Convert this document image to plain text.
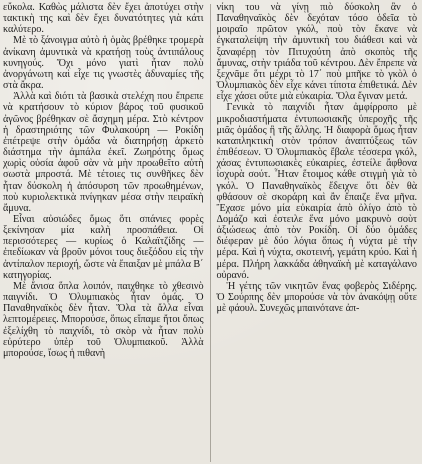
εὔκολα. Καθὼς μάλιστα δὲν ἔχει ἀποτύχει στὴν τακτικὴ της καὶ δὲν ἔχει δυνατότητες γιὰ κάτι καλύτερο.

Μὲ τὸ ξάνοιγμα αὐτὸ ἡ ὁμὰς βρέθηκε τρομερὰ ἀνίκανη ἀμυντικὰ νὰ κρατήσῃ τοὺς ἀντιπάλους κυνηγούς. Ὄχι μόνο γιατὶ ἦταν πολὺ ἀνοργάνωτη καὶ εἶχε τις γνωστὲς ἀδυναμίες τῆς στὰ ἄκρα.

Ἀλλὰ καὶ διότι τὰ βασικὰ στελέχη που ἔπρεπε νὰ κρατήσουν τὸ κύριον βάρος τοῦ φυσικοῦ ἀγῶνος βρέθηκαν σὲ ἄσχημη μέρα. Στὸ κέντρον ἡ δραστηριότης τῶν Φυλακούρη — Ροκίδη ἐπέτρεψε στὴν ὁμάδα νὰ διατηρήσῃ ἀρκετὸ διάστημα τὴν ἀμπάλα ἐκεῖ. Ζωηρότης ὅμως χωρὶς οὐσία ἀφοῦ σὰν νὰ μὴν προωθεῖτο αὐτὴ σωστὰ μπροστά. Μὲ τέτοιες τις συνθῆκες δὲν ἦταν δύσκολη ἡ ἀπόσυρση τῶν προωθημένων, ποὺ κυριολεκτικὰ πνίγηκαν μέσα στὴν πειραϊκὴ ἄμυνα.

Εἶναι αὐσιώδες ὅμως ὅτι σπάνιες φορὲς ξεκίνησαν μία καλὴ προσπάθεια. Οἱ περισσότερες — κυρίως ὁ Καλαϊτζίδης — ἐπεδίωκαν νὰ βροῦν μόνοι τους διεξόδου εἰς τὴν ἀντίπαλον περιοχή, ὥστε νὰ ἔπαιξαν μὲ μπάλα Β΄ κατηγορίας.

Μὲ ἄνισα ὅπλα λοιπόν, παιχθηκε τὸ χθεσινὸ παιγνίδι. Ὁ Ὀλυμπιακὸς ἦταν ὁμάς. Ὁ Παναθηναϊκὸς δὲν ἦταν. Ὅλα τὰ ἄλλα εἶναι λεπτομέρειες. Μπορούσε, ὅπως εἴπαμε ἤτοι ὅπως ἐξελίχθη τὸ παιχνίδι, τὸ σκὸρ νὰ ἦταν πολὺ εὐρύτερο ὑπὲρ τοῦ Ὀλυμπιακοῦ. Ἀλλὰ μπορούσε, ἴσως ἡ πιθανὴ

νίκη του νὰ γίνῃ πιὸ δύσκολη ἂν ὁ Παναθηναϊκὸς δὲν δεχόταν τόσο ὁδεῖα τὸ μοιραῖο πρῶτον γκόλ, ποὺ τὸν ἔκανε νὰ ἐγκαταλείψη τὴν ἀμυντικὴ του διάθεσι καὶ νὰ ξαναφέρῃ τὸν Πιτυχούτη ἀπὸ σκοπὸς τῆς ἄμυνας, στὴν τριάδα τοῦ κέντρου. Δὲν ἔπρεπε νὰ ξεχνᾶμε ὅτι μέχρι τὸ 17΄ ποὺ μπῆκε τὸ γκὸλ ὁ Ὀλυμπιακὸς δὲν εἶχε κάνει τίποτα ἐπιθετικά. Δὲν εἶχε χάσει οὔτε μιὰ εὐκαιρία. Ὅλα ἔγιναν μετά.

Γενικὰ τὸ παιχνίδι ἦταν ἀμφίρροπο μὲ μικροδιαστήματα ἐντυπωσιακῆς ὑπεροχῆς τῆς μιᾶς ὁμάδος ἢ τῆς ἄλλης. Ἡ διαφορὰ ὅμως ἦταν καταπληκτικὴ στὸν τρόπον ἀναπτύξεως τῶν ἐπιθέσεων. Ὁ Ὀλυμπιακὸς ἔβαλε τέσσερα γκόλ, χάσας ἐντυπωσιακὲς εὐκαιρίες, ἐστείλε ἄφθονα ἰσχυρὰ σούτ. Ἦταν ἕτοιμος κάθε στιγμὴ γιὰ τὸ γκόλ. Ὁ Παναθηναϊκὸς ἔδειχνε ὅτι δὲν θὰ φθάσουν σὲ σκοράρη καὶ ἂν ἔπαιζε ἕνα μῆνα. Ἔχασε μόνο μία εὐκαιρία ἀπὸ ὀλίγο ἀπὸ τὸ Δομάζο καὶ ἐστειλε ἕνα μόνο μακρυνὸ σοὺτ ἀξιώσεως ἀπὸ τὸν Ροκίδη. Οἱ δύο ὁμάδες διέφεραν μὲ δύο λόγια ὅπως ἡ νύχτα μὲ τὴν μέρα. Καὶ ἡ νύχτα, σκοτεινή, γεμάτη κρύο. Καὶ ἡ μέρα. Πλήρη λακκάδα ἀθηναϊκὴ μὲ καταγάλανο οὐρανό.

Ἡ γέτης τῶν νικητῶν ἕνας φοβερὸς Σιδέρης. Ὁ Σούρπης δὲν μπορούσε νὰ τὸν ἀνακόψῃ οὔτε μὲ φάουλ. Συνεχῶς μπαινότανε ἀπ-
